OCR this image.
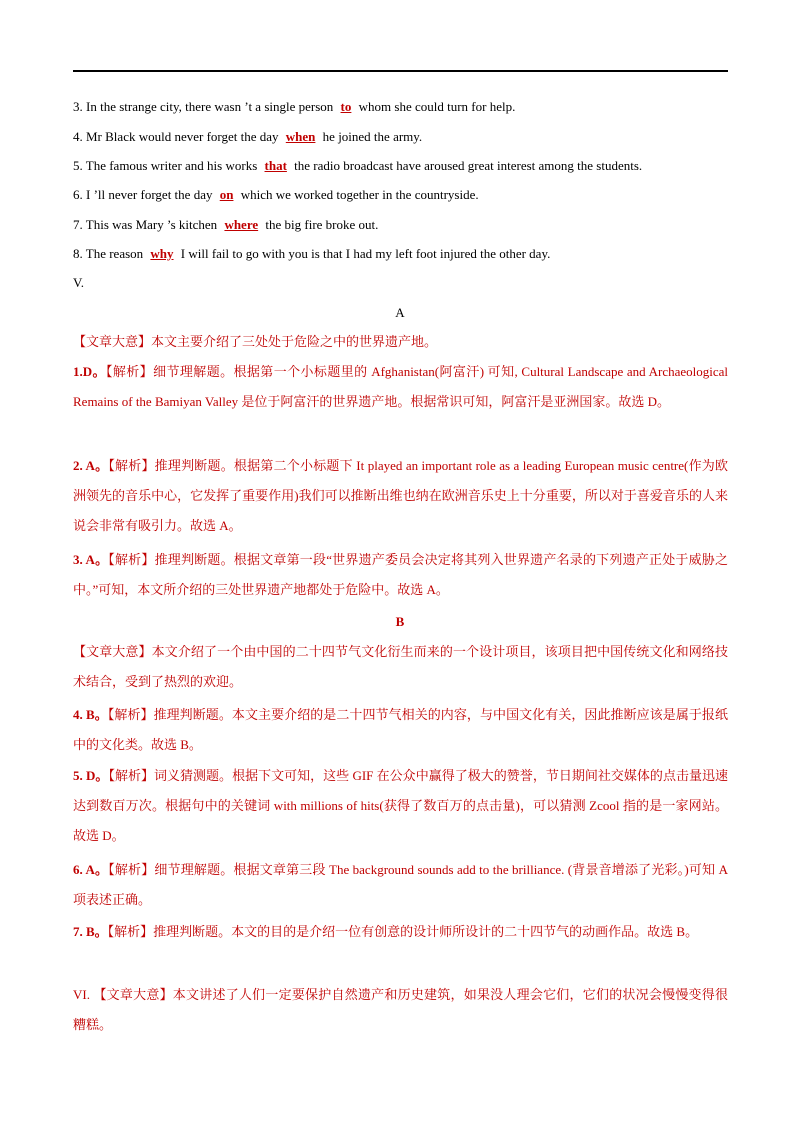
3. In the strange city, there wasn ’t a single person to whom she could turn for help.
4. Mr Black would never forget the day when he joined the army.
5. The famous writer and his works that the radio broadcast have aroused great interest among the students.
6. I ’ll never forget the day on which we worked together in the countryside.
7. This was Mary ’s kitchen where the big fire broke out.
8. The reason why I will fail to go with you is that I had my left foot injured the other day.
V.
A
【文章大意】本文主要介绍了三处处于危险之中的世界遗产地。
1.D。【解析】细节理解题。根据第一个小标题里的 Afghanistan(阿富汗) 可知, Cultural Landscape and Archaeological Remains of the Bamiyan Valley 是位于阿富汗的世界遗产地。根据常识可知，阿富汗是亚洲国家。故选 D。
2. A。【解析】推理判断题。根据第二个小标题下 It played an important role as a leading European music centre(作为欧洲领先的音乐中心，它发挥了重要作用)我们可以推断出维也纳在欧洲音乐史上十分重要，所以对于喜爱音乐的人来说会非常有吸引力。故选 A。
3. A。【解析】推理判断题。根据文章第一段“世界遗产委员会决定将其列入世界遗产名录的下列遗产正处于威胁之中。”可知，本文所介绍的三处世界遗产地都处于危险中。故选 A。
B
【文章大意】本文介绍了一个由中国的二十四节气文化衍生而来的一个设计项目，该项目把中国传统文化和网络技术结合，受到了热烈的欢迎。
4. B。【解析】推理判断题。本文主要介绍的是二十四节气相关的内容，与中国文化有关，因此推断应该是属于报纸中的文化类。故选 B。
5. D。【解析】词义猜测题。根据下文可知，这些 GIF 在公众中赢得了极大的赞誉，节日期间社交媒体的点击量迅速达到数百万次。根据句中的关键词 with millions of hits(获得了数百万的点击量)，可以猜测 Zcool 指的是一家网站。故选 D。
6. A。【解析】细节理解题。根据文章第三段 The background sounds add to the brilliance. (背景音增添了光彩。)可知 A 项表述正确。
7. B。【解析】推理判断题。本文的目的是介绍一位有创意的设计师所设计的二十四节气的动画作品。故选 B。
VI. 【文章大意】本文讲述了人们一定要保护自然遗产和历史建筑，如果没人理会它们，它们的状况会慢慢变得很糟糕。
